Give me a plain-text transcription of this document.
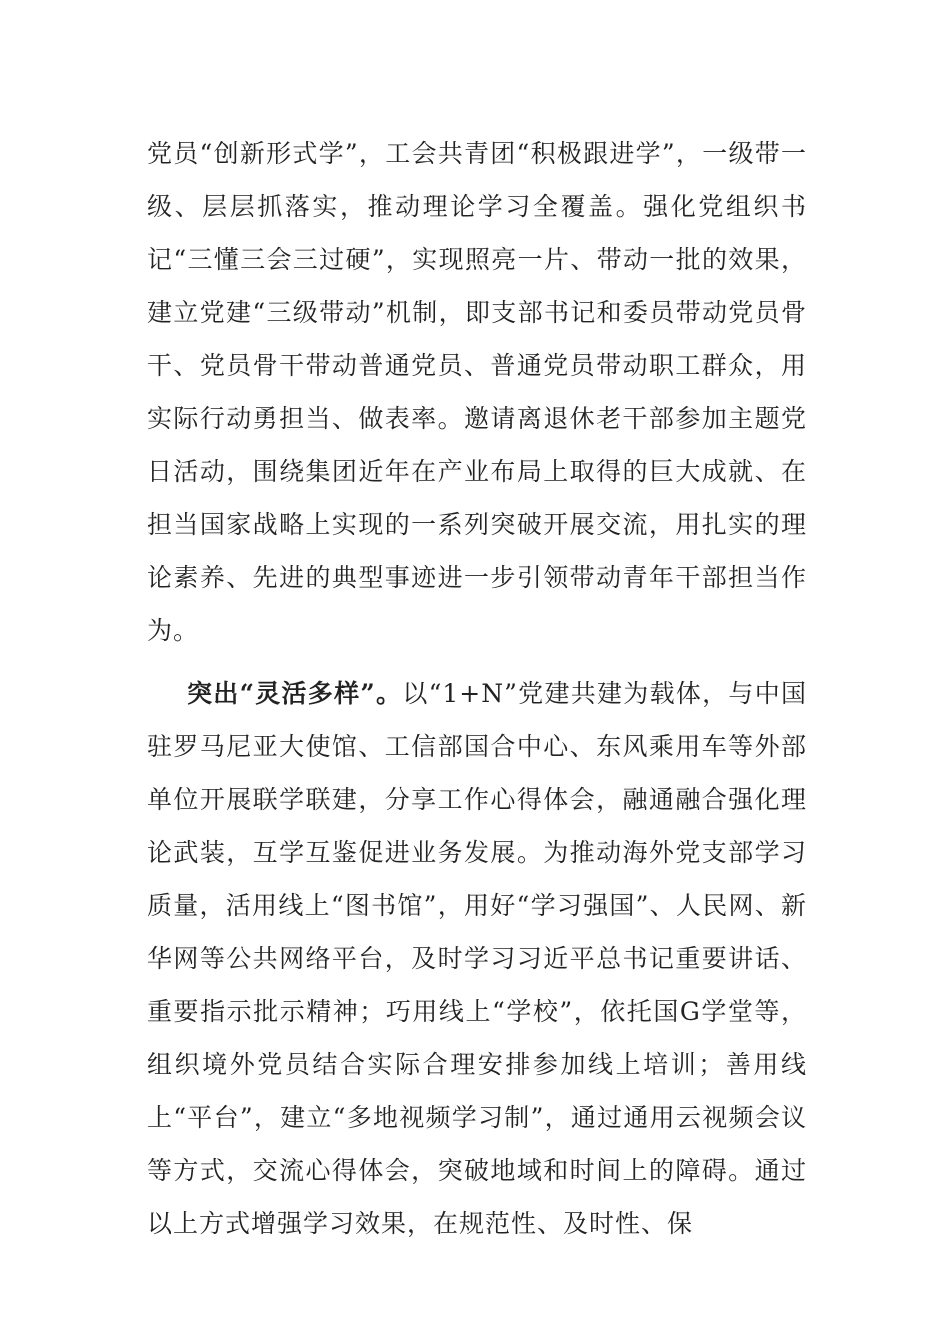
党员“创新形式学”，工会共青团“积极跟进学”，一级带一级、层层抓落实，推动理论学习全覆盖。强化党组织书记“三懂三会三过硬”，实现照亮一片、带动一批的效果，建立党建“三级带动”机制，即支部书记和委员带动党员骨干、党员骨干带动普通党员、普通党员带动职工群众，用实际行动勇担当、做表率。邀请离退休老干部参加主题党日活动，围绕集团近年在产业布局上取得的巨大成就、在担当国家战略上实现的一系列突破开展交流，用扎实的理论素养、先进的典型事迹进一步引领带动青年干部担当作为。

突出“灵活多样”。以“1+N”党建共建为载体，与中国驻罗马尼亚大使馆、工信部国合中心、东风乘用车等外部单位开展联学联建，分享工作心得体会，融通融合强化理论武装，互学互鉴促进业务发展。为推动海外党支部学习质量，活用线上“图书馆”，用好“学习强国”、人民网、新华网等公共网络平台，及时学习习近平总书记重要讲话、重要指示批示精神；巧用线上“学校”，依托国G学堂等，组织境外党员结合实际合理安排参加线上培训；善用线上“平台”，建立“多地视频学习制”，通过通用云视频会议等方式，交流心得体会，突破地域和时间上的障碍。通过以上方式增强学习效果，在规范性、及时性、保
